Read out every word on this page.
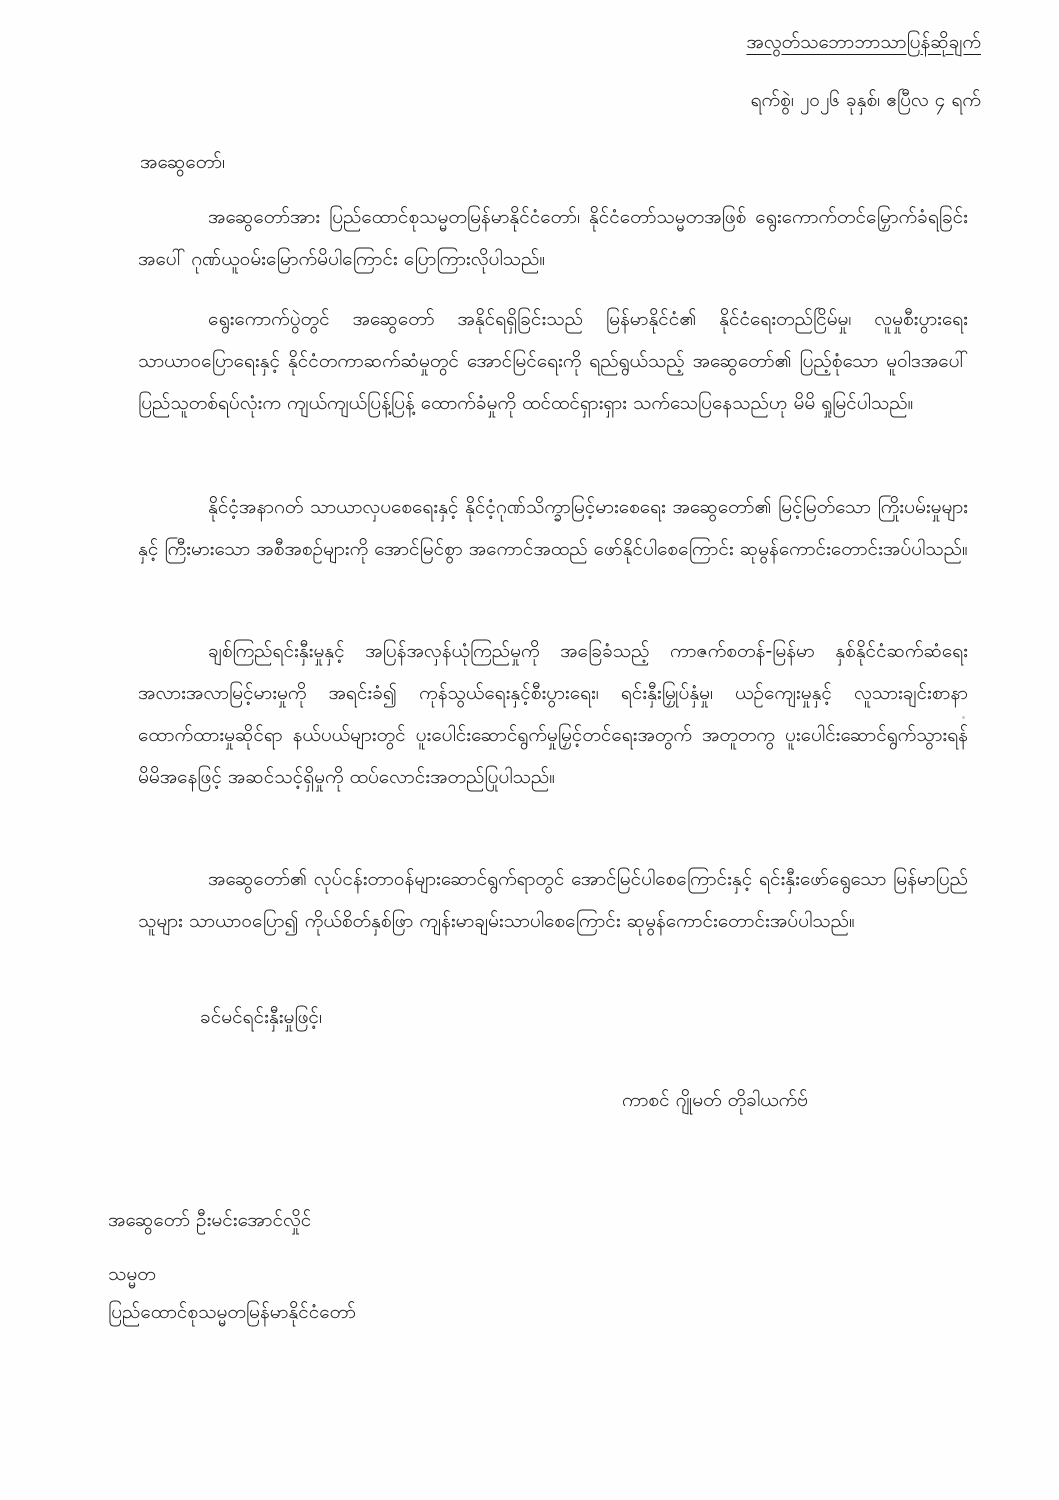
အလွတ်သဘောဘာသာပြန်ဆိုချက်
ရက်စွဲ၊ ၂၀၂၆ ခုနှစ်၊ ဧပြီလ ၄ ရက်
အဆွေတော်၊

အဆွေတော်အား ပြည်ထောင်စုသမ္မတမြန်မာနိုင်ငံတော်၊ နိုင်ငံတော်သမ္မတအဖြစ် ရွေးကောက်တင်မြှောက်ခံရခြင်းအပေါ် ဂုဏ်ယူဝမ်းမြောက်မိပါကြောင်း ပြောကြားလိုပါသည်။

ရွေးကောက်ပွဲတွင် အဆွေတော် အနိုင်ရရှိခြင်းသည် မြန်မာနိုင်ငံ၏ နိုင်ငံရေးတည်ငြိမ်မှု၊ လူမှုစီးပွားရေး သာယာဝပြောရေးနှင့် နိုင်ငံတကာဆက်ဆံမှုတွင် အောင်မြင်ရေးကို ရည်ရွယ်သည့် အဆွေတော်၏ ပြည့်စုံသော မူဝါဒအပေါ် ပြည်သူတစ်ရပ်လုံးက ကျယ်ကျယ်ပြန့်ပြန့် ထောက်ခံမှုကို ထင်ထင်ရှားရှား သက်သေပြနေသည်ဟု မိမိ ရှုမြင်ပါသည်။

နိုင်ငံ့အနာဂတ် သာယာလှပစေရေးနှင့် နိုင်ငံ့ဂုဏ်သိက္ခာမြင့်မားစေရေး အဆွေတော်၏ မြင့်မြတ်သော ကြိုးပမ်းမှုများနှင့် ကြီးမားသော အစီအစဉ်များကို အောင်မြင်စွာ အကောင်အထည် ဖော်နိုင်ပါစေကြောင်း ဆုမွန်ကောင်းတောင်းအပ်ပါသည်။

ချစ်ကြည်ရင်းနှီးမှုနှင့် အပြန်အလှန်ယုံကြည်မှုကို အခြေခံသည့် ကာဇက်စတန်-မြန်မာ နှစ်နိုင်ငံဆက်ဆံရေး အလားအလာမြင့်မားမှုကို အရင်းခံ၍ ကုန်သွယ်ရေးနှင့်စီးပွားရေး၊ ရင်းနှီးမြှုပ်နှံမှု၊ ယဉ်ကျေးမှုနှင့် လူသားချင်းစာနာထောက်ထားမှုဆိုင်ရာ နယ်ပယ်များတွင် ပူးပေါင်းဆောင်ရွက်မှုမြှင့်တင်ရေးအတွက် အတူတကွ ပူးပေါင်းဆောင်ရွက်သွားရန် မိမိအနေဖြင့် အဆင်သင့်ရှိမှုကို ထပ်လောင်းအတည်ပြုပါသည်။

အဆွေတော်၏ လုပ်ငန်းတာဝန်များဆောင်ရွက်ရာတွင် အောင်မြင်ပါစေကြောင်းနှင့် ရင်းနှီးဖော်ရွေသော မြန်မာပြည်သူများ သာယာဝပြော၍ ကိုယ်စိတ်နှစ်ဖြာ ကျန်းမာချမ်းသာပါစေကြောင်း ဆုမွန်ကောင်းတောင်းအပ်ပါသည်။

ခင်မင်ရင်းနှီးမှုဖြင့်၊
ကာစင် ဂျိုမတ် တိုခါယက်ဗ်
အဆွေတော် ဦးမင်းအောင်လှိုင်
သမ္မတ
ပြည်ထောင်စုသမ္မတမြန်မာနိုင်ငံတော်
